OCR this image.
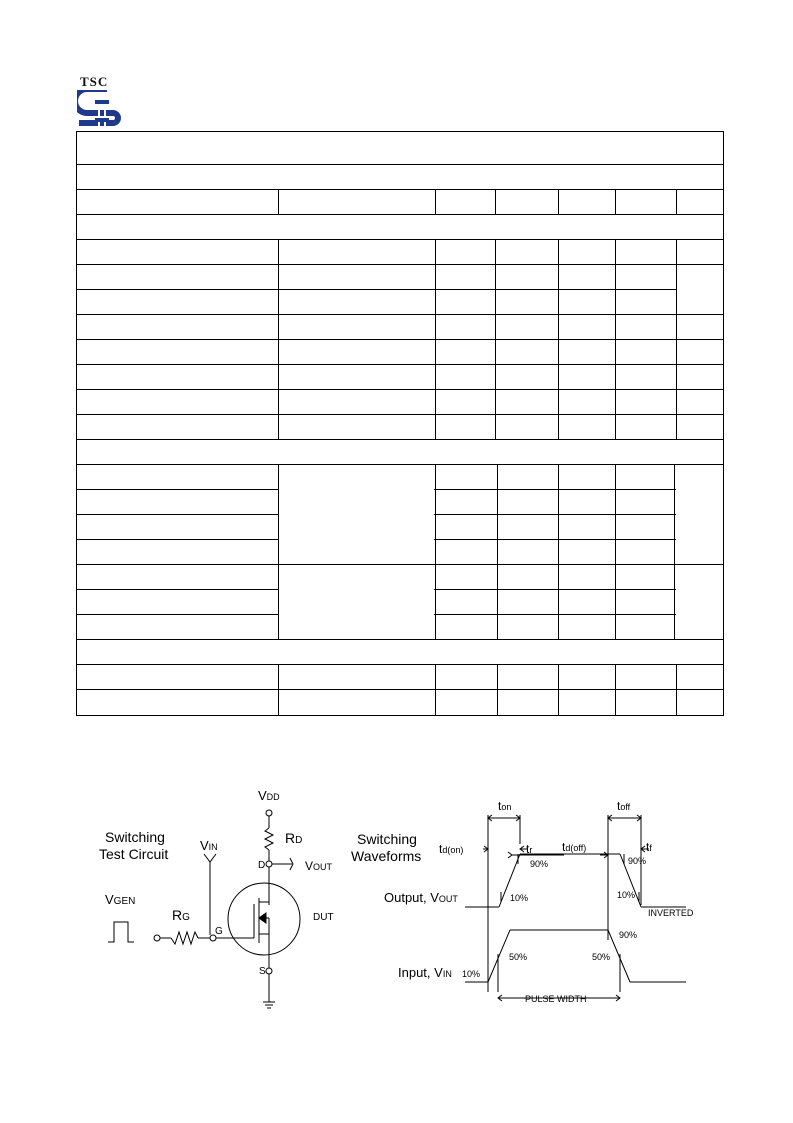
TSC
Switching
Test Circuit
VDD
RD
VIN
D	VOUT
VGEN
RG
G
S
DUT
Switching
Waveforms
ton	toff
td(on)	tr td(off)	tf
90%	90%
10%	10%
Output, VOUT
INVERTED
90%
50%	50%
Input, VIN 10%
PULSE WIDTH
